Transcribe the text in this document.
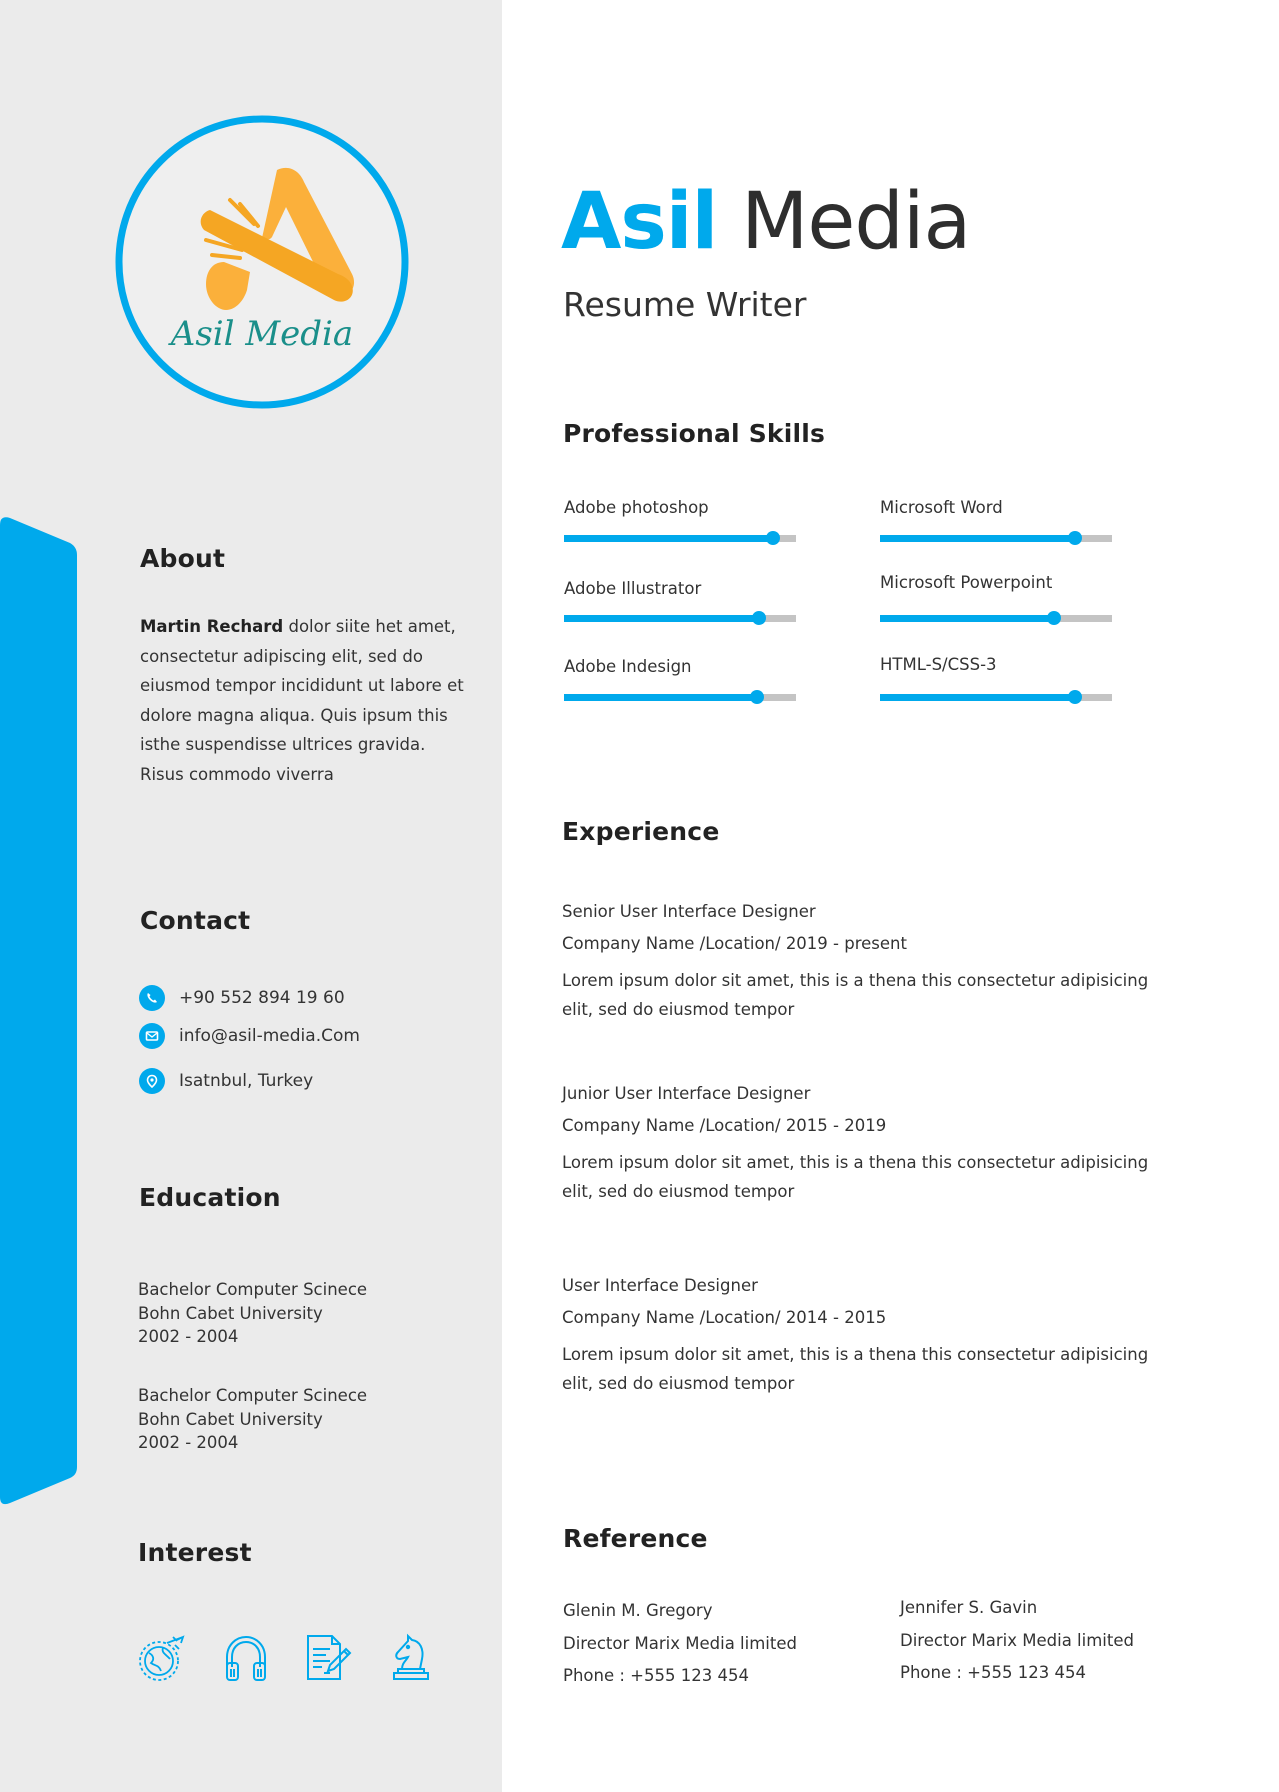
Asil Media
About

Martin Rechard dolor siite het amet, consectetur adipiscing elit, sed do eiusmod tempor incididunt ut labore et dolore magna aliqua. Quis ipsum this isthe suspendisse ultrices gravida. Risus commodo viverra

Contact
+90 552 894 19 60
info@asil-media.Com
Isatnbul, Turkey
Education
Bachelor Computer Scinece
Bohn Cabet University
2002 - 2004
Bachelor Computer Scinece
Bohn Cabet University
2002 - 2004
Interest
Asil Media
Resume Writer
Professional Skills
Adobe photoshop	Microsoft Word
Adobe Illustrator	Microsoft Powerpoint
Adobe Indesign	HTML-S/CSS-3
Experience
Senior User Interface Designer
Company Name /Location/ 2019 - present
Lorem ipsum dolor sit amet, this is a thena this consectetur adipisicing elit, sed do eiusmod tempor
Junior User Interface Designer
Company Name /Location/ 2015 - 2019
Lorem ipsum dolor sit amet, this is a thena this consectetur adipisicing elit, sed do eiusmod tempor
User Interface Designer
Company Name /Location/ 2014 - 2015
Lorem ipsum dolor sit amet, this is a thena this consectetur adipisicing elit, sed do eiusmod tempor
Reference
Glenin M. Gregory
Director Marix Media limited
Phone : +555 123 454
Jennifer S. Gavin
Director Marix Media limited
Phone : +555 123 454
